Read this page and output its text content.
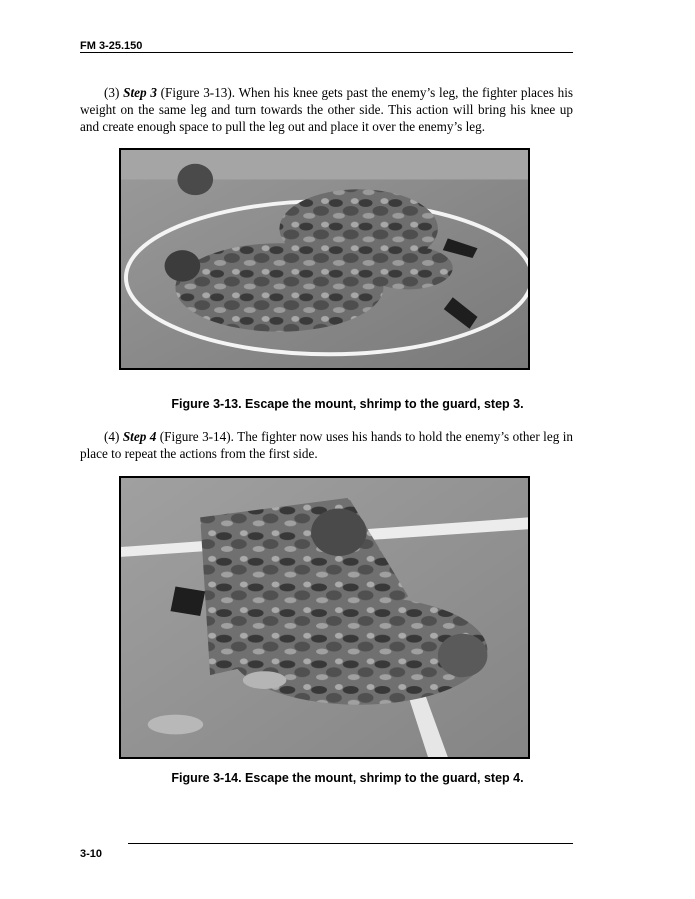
FM 3-25.150

(3) Step 3 (Figure 3-13). When his knee gets past the enemy’s leg, the fighter places his weight on the same leg and turn towards the other side. This action will bring his knee up and create enough space to pull the leg out and place it over the enemy’s leg.

Figure 3-13. Escape the mount, shrimp to the guard, step 3.

(4) Step 4 (Figure 3-14). The fighter now uses his hands to hold the enemy’s other leg in place to repeat the actions from the first side.

Figure 3-14. Escape the mount, shrimp to the guard, step 4.
3-10
